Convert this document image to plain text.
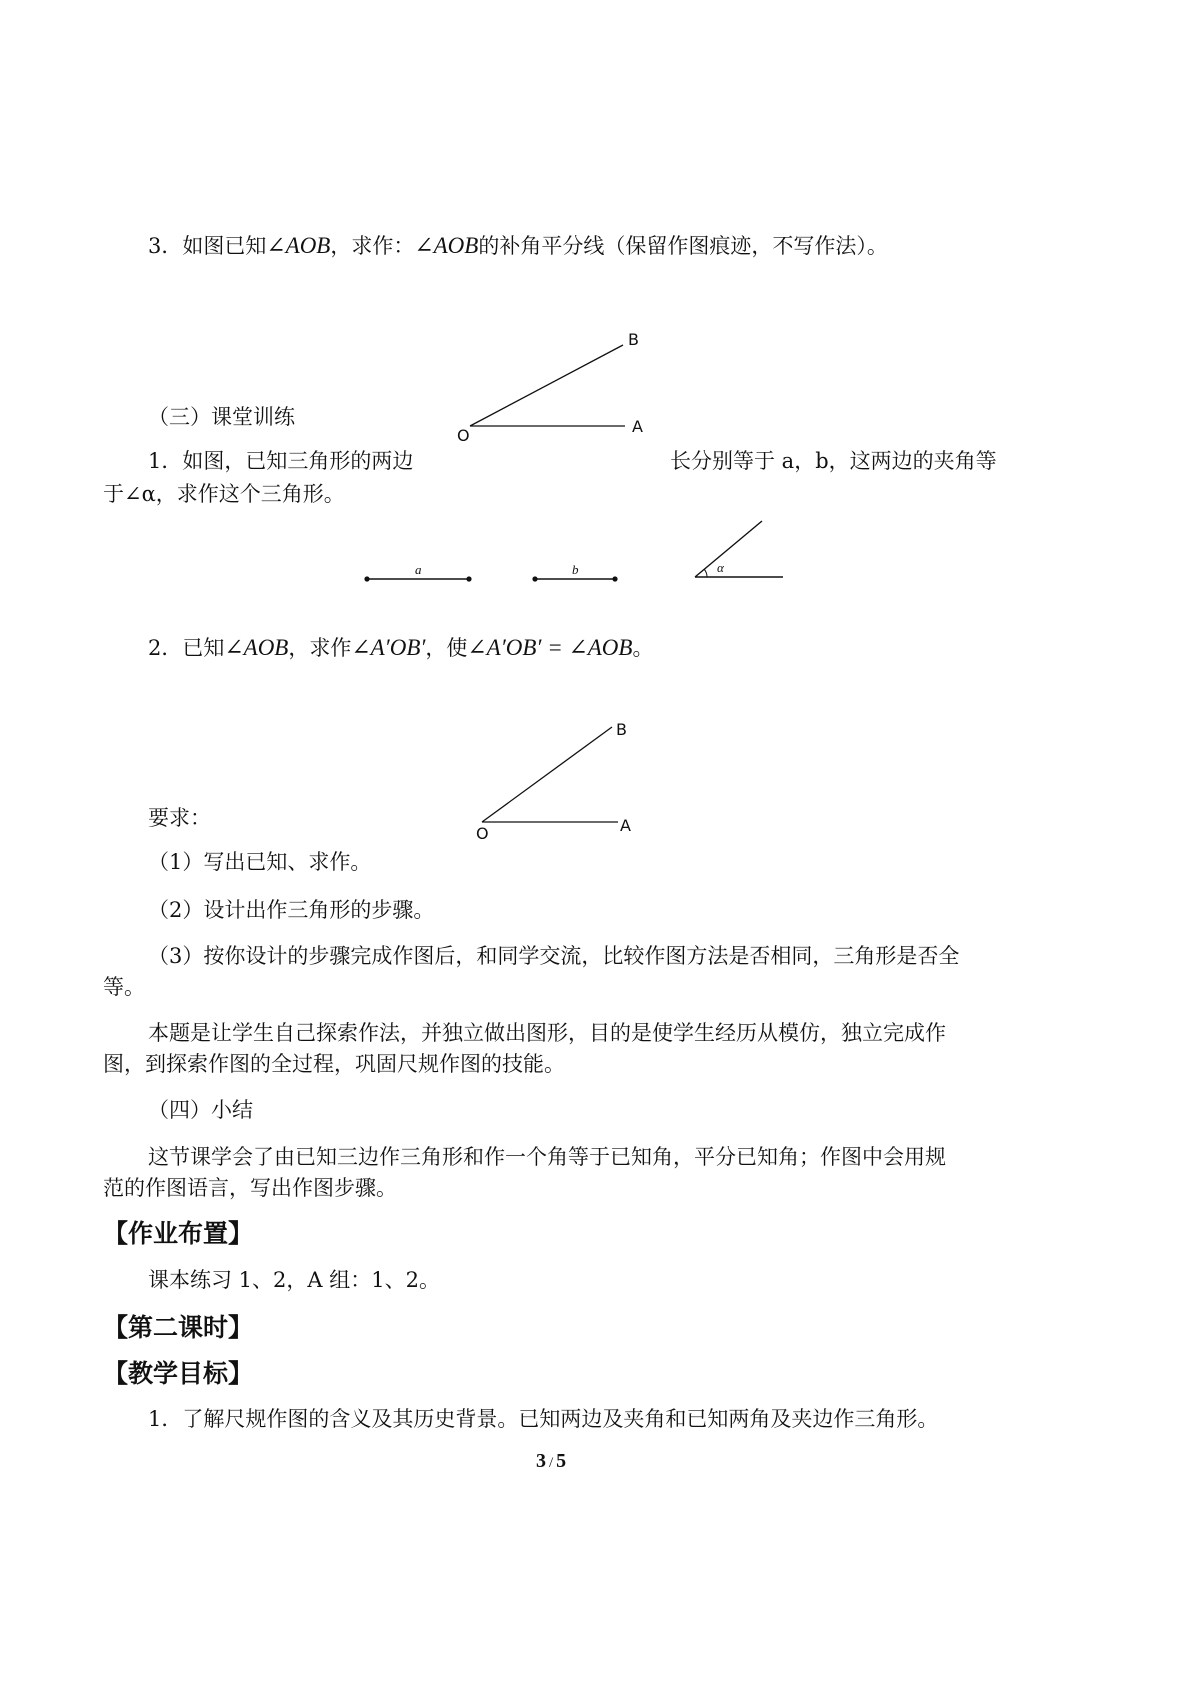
3．如图已知∠AOB，求作：∠AOB的补角平分线（保留作图痕迹，不写作法）。
B
O	A
（三）课堂训练
1．如图，已知三角形的两边	长分别等于 a，b，这两边的夹角等
于∠α，求作这个三角形。
a	b	α
2．已知∠AOB，求作∠A′OB′，使∠A′OB′ = ∠AOB。
B
O	A
要求：
（1）写出已知、求作。
（2）设计出作三角形的步骤。
（3）按你设计的步骤完成作图后，和同学交流，比较作图方法是否相同，三角形是否全
等。
本题是让学生自己探索作法，并独立做出图形，目的是使学生经历从模仿，独立完成作
图，到探索作图的全过程，巩固尺规作图的技能。
（四）小结
这节课学会了由已知三边作三角形和作一个角等于已知角，平分已知角；作图中会用规
范的作图语言，写出作图步骤。
【作业布置】
课本练习 1、2，A 组：1、2。
【第二课时】
【教学目标】
1．了解尺规作图的含义及其历史背景。已知两边及夹角和已知两角及夹边作三角形。
3 / 5
